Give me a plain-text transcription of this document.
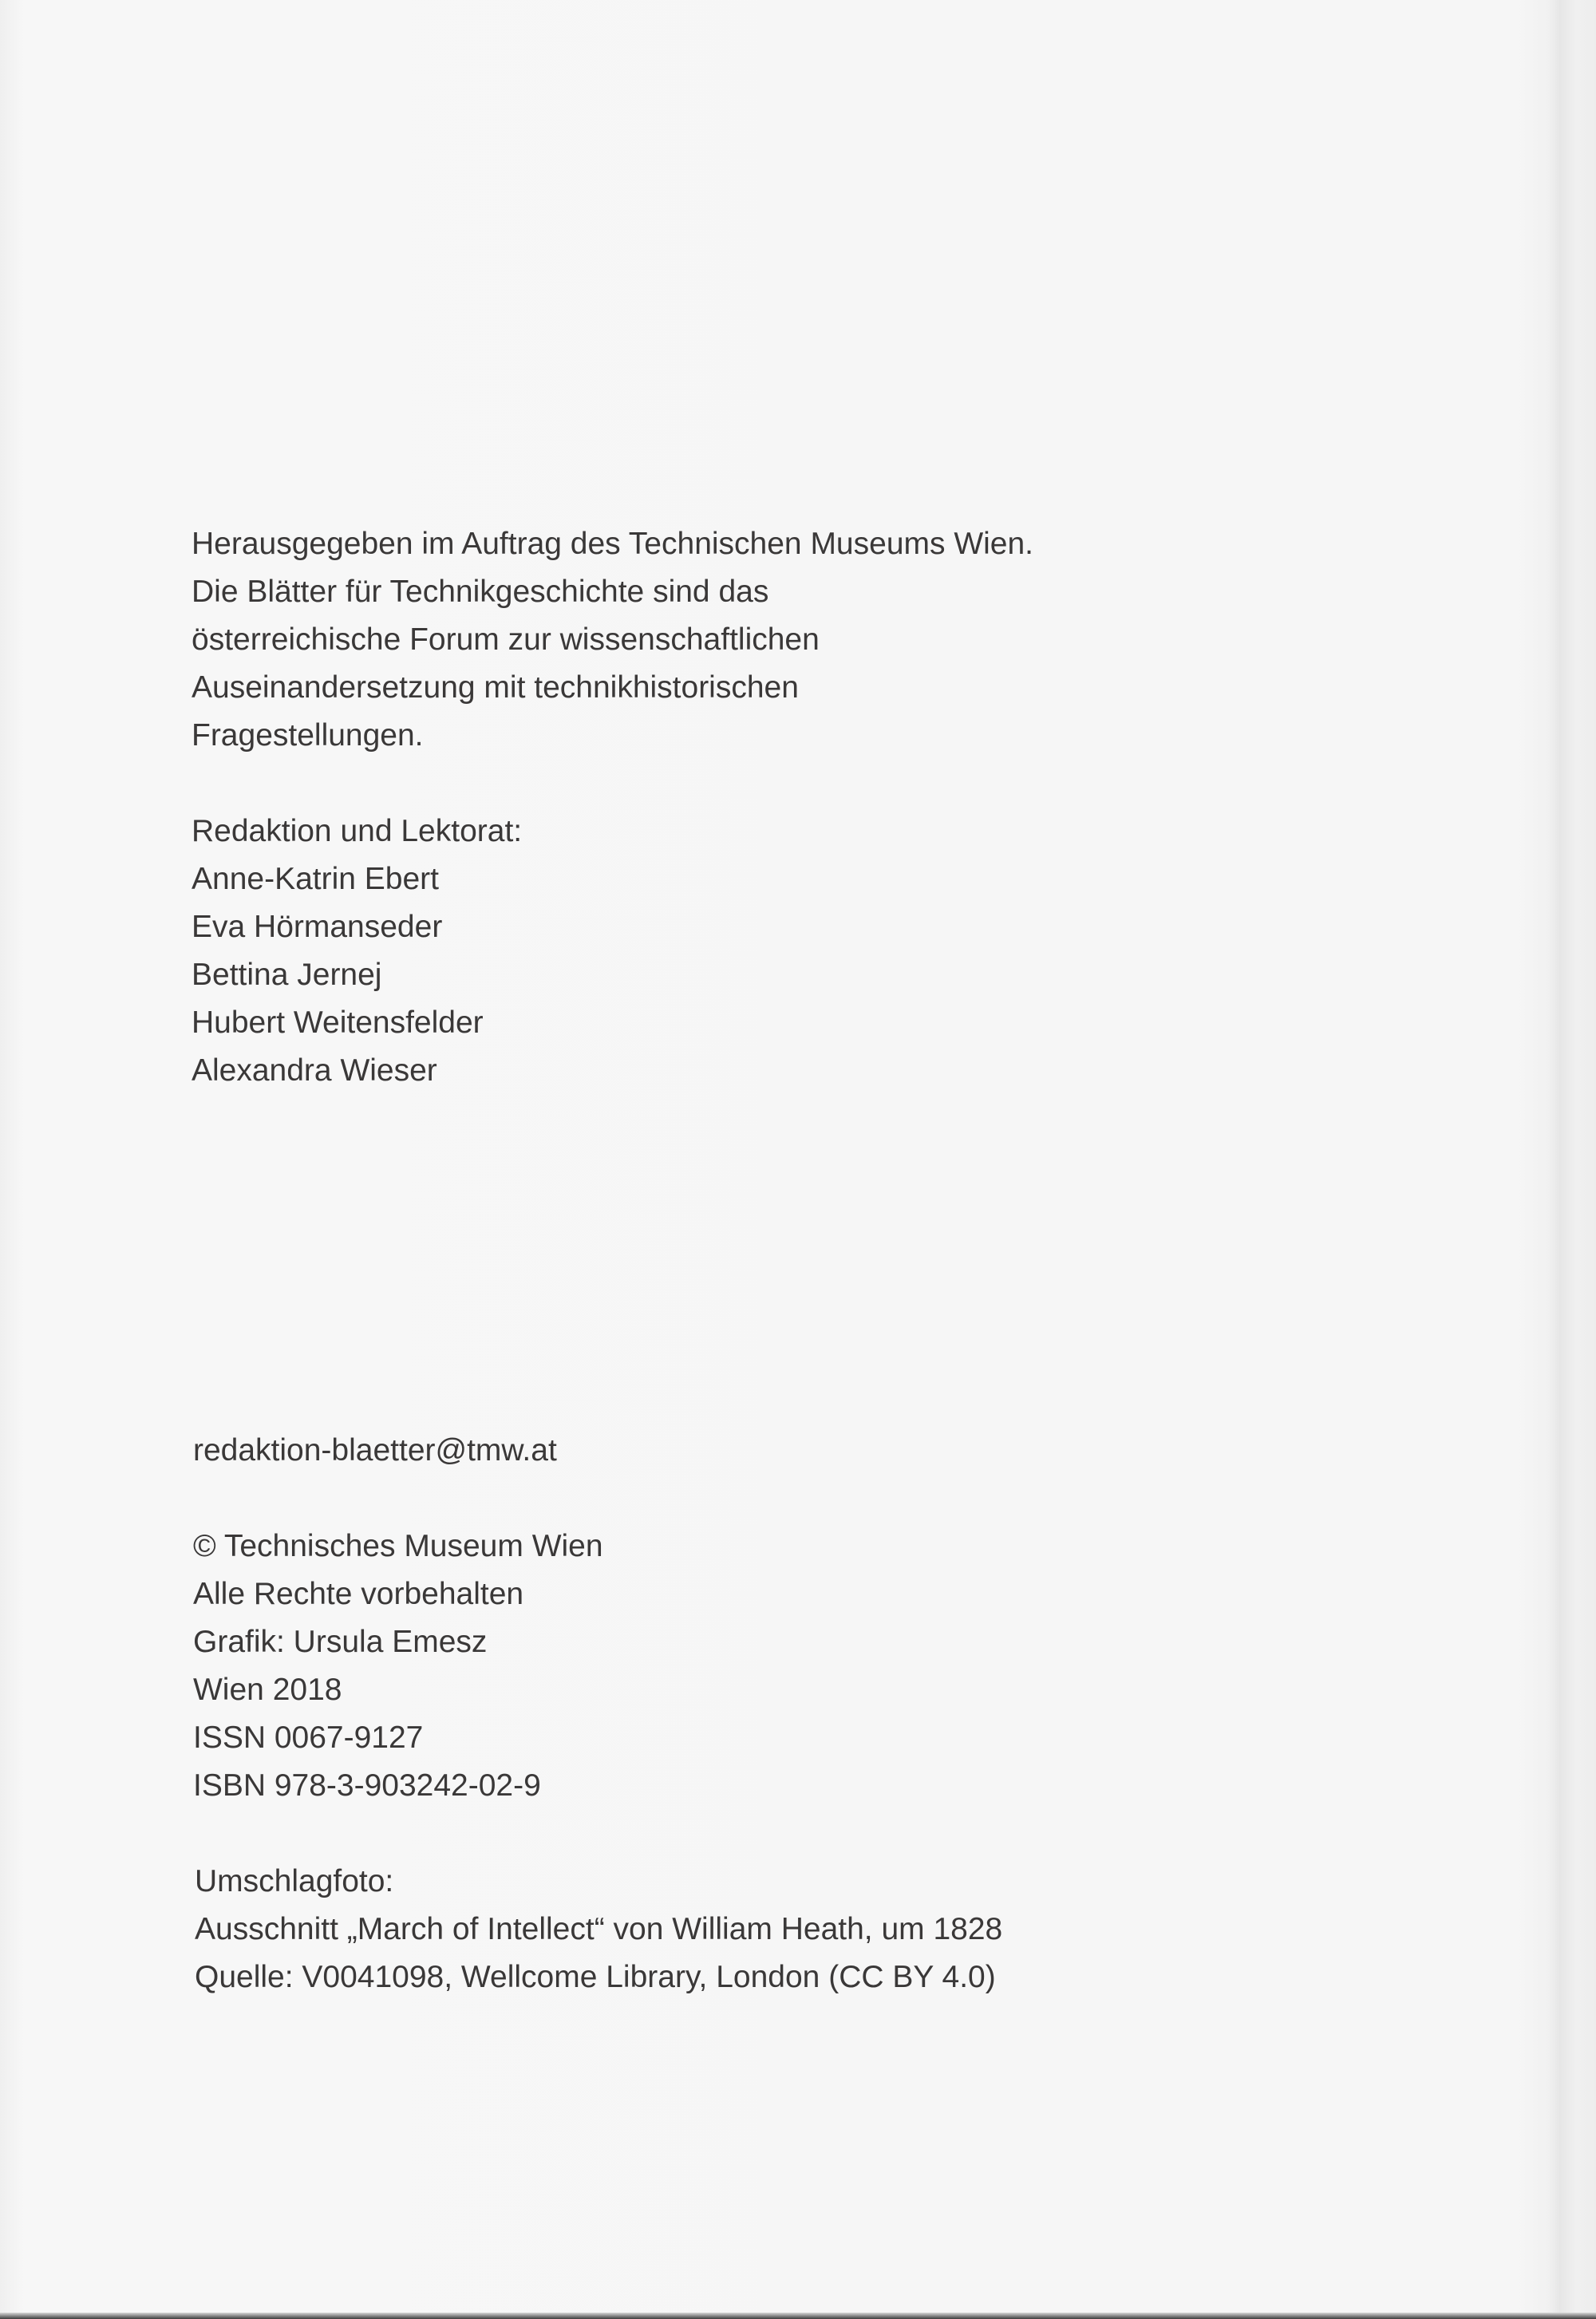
Herausgegeben im Auftrag des Technischen Museums Wien.

Die Blätter für Technikgeschichte sind das

österreichische Forum zur wissenschaftlichen

Auseinandersetzung mit technikhistorischen

Fragestellungen.

Redaktion und Lektorat:

Anne-Katrin Ebert

Eva Hörmanseder

Bettina Jernej

Hubert Weitensfelder

Alexandra Wieser

redaktion-blaetter@tmw.at

© Technisches Museum Wien

Alle Rechte vorbehalten

Grafik: Ursula Emesz

Wien 2018

ISSN 0067-9127

ISBN 978-3-903242-02-9

Umschlagfoto:

Ausschnitt „March of Intellect“ von William Heath, um 1828

Quelle: V0041098, Wellcome Library, London (CC BY 4.0)
